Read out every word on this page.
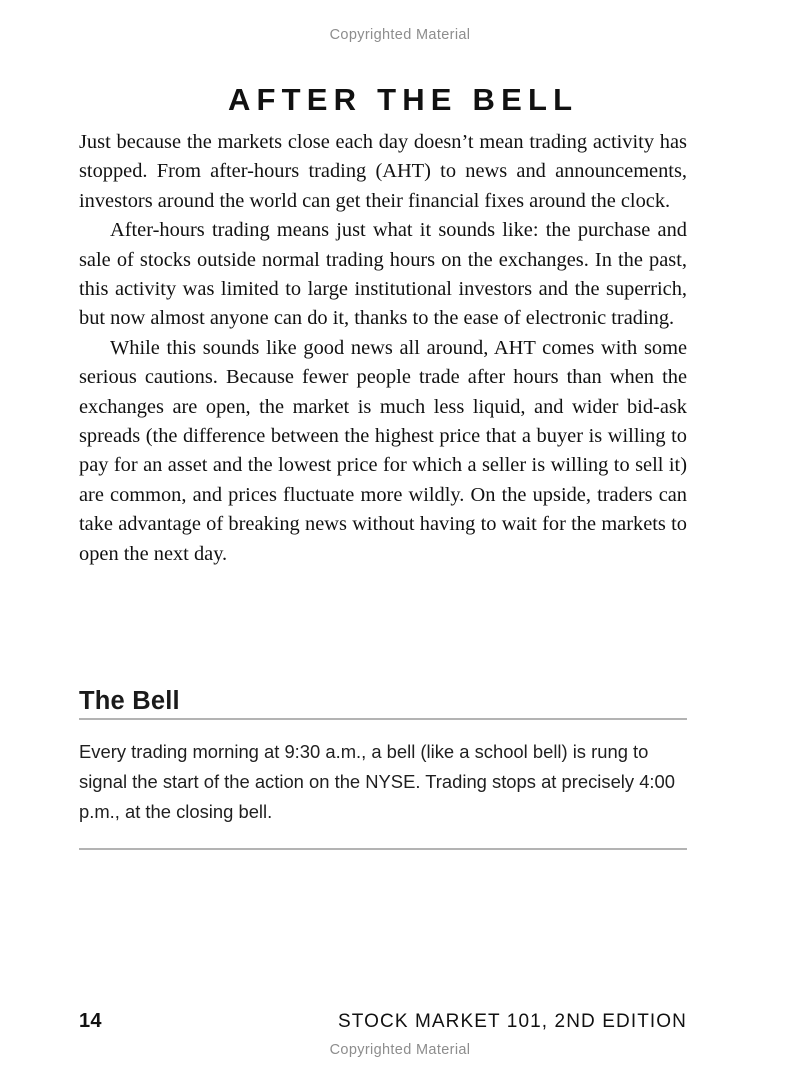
Copyrighted Material
AFTER THE BELL

Just because the markets close each day doesn’t mean trading activity has stopped. From after-hours trading (AHT) to news and announcements, investors around the world can get their financial fixes around the clock.

After-hours trading means just what it sounds like: the purchase and sale of stocks outside normal trading hours on the exchanges. In the past, this activity was limited to large institutional investors and the superrich, but now almost anyone can do it, thanks to the ease of electronic trading.

While this sounds like good news all around, AHT comes with some serious cautions. Because fewer people trade after hours than when the exchanges are open, the market is much less liquid, and wider bid-ask spreads (the difference between the highest price that a buyer is willing to pay for an asset and the lowest price for which a seller is willing to sell it) are common, and prices fluctuate more wildly. On the upside, traders can take advantage of breaking news without having to wait for the markets to open the next day.

The Bell

Every trading morning at 9:30 a.m., a bell (like a school bell) is rung to signal the start of the action on the NYSE. Trading stops at precisely 4:00 p.m., at the closing bell.

14	STOCK MARKET 101, 2ND EDITION
Copyrighted Material
